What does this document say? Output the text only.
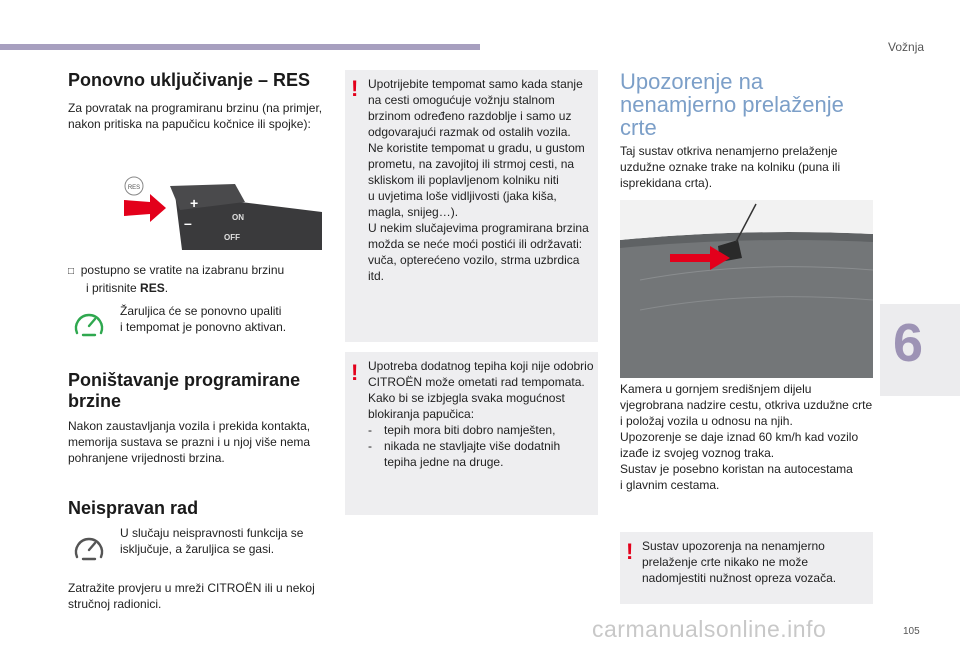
Vožnja
6
Ponovno uključivanje – RES

Za povratak na programiranu brzinu (na primjer, nakon pritiska na papučicu kočnice ili spojke):

RES
ON
OFF
+
–

□ postupno se vratite na izabranu brzinu

i pritisnite RES.

Žaruljica će se ponovno upaliti

i tempomat je ponovno aktivan.

Poništavanje programirane
brzine

Nakon zaustavljanja vozila i prekida kontakta,

memorija sustava se prazni i u njoj više nema

pohranjene vrijednosti brzina.

Neispravan rad

U slučaju neispravnosti funkcija se

isključuje, a žaruljica se gasi.

Zatražite provjeru u mreži CITROËN ili u nekoj

stručnoj radionici.

! Upotrijebite tempomat samo kada stanje

na cesti omogućuje vožnju stalnom

brzinom određeno razdoblje i samo uz

odgovarajući razmak od ostalih vozila.

Ne koristite tempomat u gradu, u gustom

prometu, na zavojitoj ili strmoj cesti, na

skliskom ili poplavljenom kolniku niti

u uvjetima loše vidljivosti (jaka kiša,

magla, snijeg…).

U nekim slučajevima programirana brzina

možda se neće moći postići ili održavati:

vuča, opterećeno vozilo, strma uzbrdica

itd.

! Upotreba dodatnog tepiha koji nije odobrio

CITROËN može ometati rad tempomata.

Kako bi se izbjegla svaka mogućnost

blokiranja papučica:

-	tepih mora biti dobro namješten,
-	nikada ne stavljajte više dodatnih

tepiha jedne na druge.

Upozorenje na
nenamjerno prelaženje
crte

Taj sustav otkriva nenamjerno prelaženje

uzdužne oznake trake na kolniku (puna ili

isprekidana crta).

Kamera u gornjem središnjem dijelu

vjegrobrana nadzire cestu, otkriva uzdužne crte

i položaj vozila u odnosu na njih.

Upozorenje se daje iznad 60 km/h kad vozilo

izađe iz svojeg voznog traka.

Sustav je posebno koristan na autocestama

i glavnim cestama.

! Sustav upozorenja na nenamjerno

prelaženje crte nikako ne može

nadomjestiti nužnost opreza vozača.

carmanualsonline.info	105
